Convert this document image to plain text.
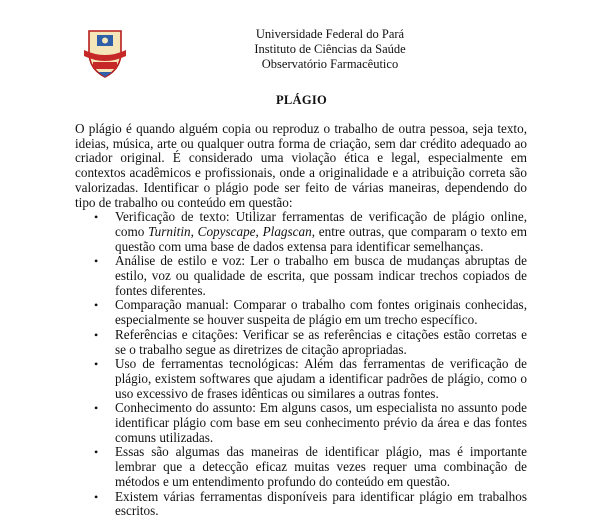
Universidade Federal do Pará
Instituto de Ciências da Saúde
Observatório Farmacêutico
PLÁGIO

O plágio é quando alguém copia ou reproduz o trabalho de outra pessoa, seja texto, ideias, música, arte ou qualquer outra forma de criação, sem dar crédito adequado ao criador original. É considerado uma violação ética e legal, especialmente em contextos acadêmicos e profissionais, onde a originalidade e a atribuição correta são valorizadas. Identificar o plágio pode ser feito de várias maneiras, dependendo do tipo de trabalho ou conteúdo em questão:

• Verificação de texto: Utilizar ferramentas de verificação de plágio online, como Turnitin, Copyscape, Plagscan, entre outras, que comparam o texto em questão com uma base de dados extensa para identificar semelhanças.
• Análise de estilo e voz: Ler o trabalho em busca de mudanças abruptas de estilo, voz ou qualidade de escrita, que possam indicar trechos copiados de fontes diferentes.
• Comparação manual: Comparar o trabalho com fontes originais conhecidas, especialmente se houver suspeita de plágio em um trecho específico.
• Referências e citações: Verificar se as referências e citações estão corretas e se o trabalho segue as diretrizes de citação apropriadas.
• Uso de ferramentas tecnológicas: Além das ferramentas de verificação de plágio, existem softwares que ajudam a identificar padrões de plágio, como o uso excessivo de frases idênticas ou similares a outras fontes.
• Conhecimento do assunto: Em alguns casos, um especialista no assunto pode identificar plágio com base em seu conhecimento prévio da área e das fontes comuns utilizadas.
• Essas são algumas das maneiras de identificar plágio, mas é importante lembrar que a detecção eficaz muitas vezes requer uma combinação de métodos e um entendimento profundo do conteúdo em questão.
• Existem várias ferramentas disponíveis para identificar plágio em trabalhos escritos.
